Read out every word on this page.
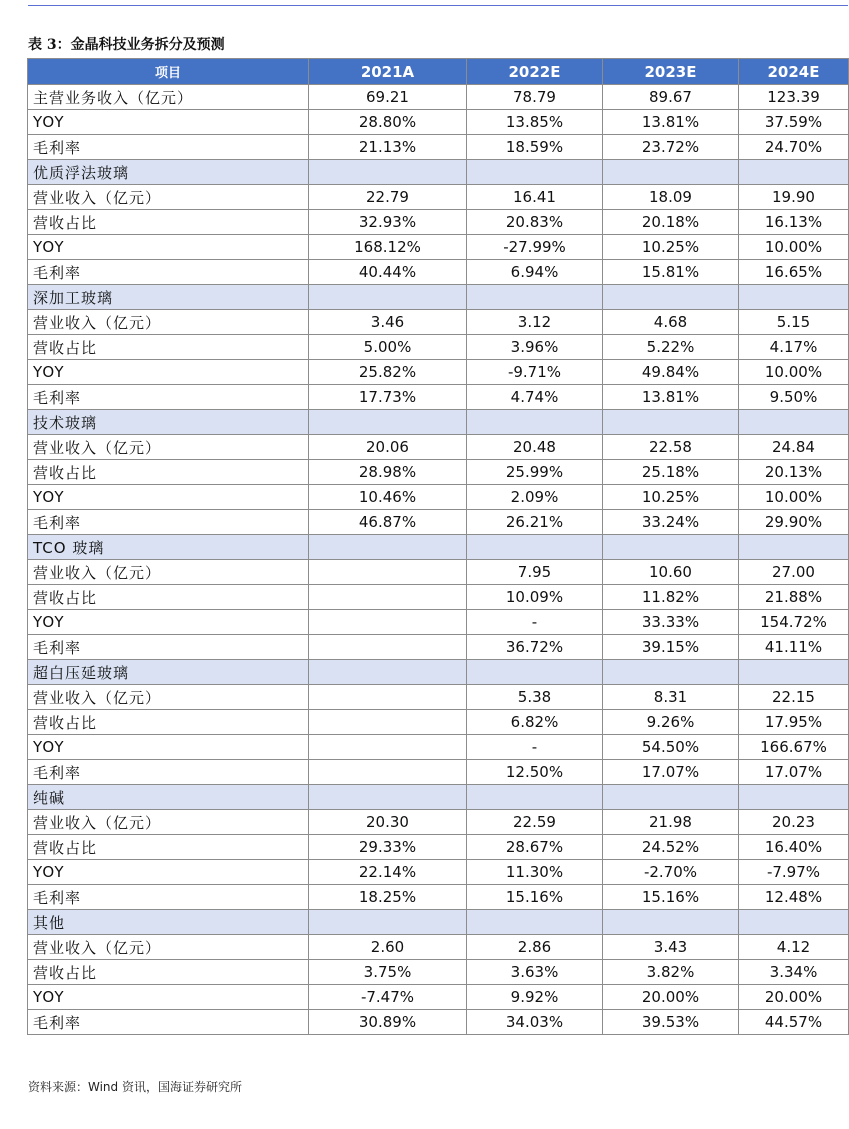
表 3：金晶科技业务拆分及预测
项目	2021A	2022E	2023E	2024E
主营业务收入（亿元）	69.21	78.79	89.67	123.39
YOY	28.80%	13.85%	13.81%	37.59%
毛利率	21.13%	18.59%	23.72%	24.70%
优质浮法玻璃				
营业收入（亿元）	22.79	16.41	18.09	19.90
营收占比	32.93%	20.83%	20.18%	16.13%
YOY	168.12%	-27.99%	10.25%	10.00%
毛利率	40.44%	6.94%	15.81%	16.65%
深加工玻璃				
营业收入（亿元）	3.46	3.12	4.68	5.15
营收占比	5.00%	3.96%	5.22%	4.17%
YOY	25.82%	-9.71%	49.84%	10.00%
毛利率	17.73%	4.74%	13.81%	9.50%
技术玻璃				
营业收入（亿元）	20.06	20.48	22.58	24.84
营收占比	28.98%	25.99%	25.18%	20.13%
YOY	10.46%	2.09%	10.25%	10.00%
毛利率	46.87%	26.21%	33.24%	29.90%
TCO 玻璃				
营业收入（亿元）		7.95	10.60	27.00
营收占比		10.09%	11.82%	21.88%
YOY		-	33.33%	154.72%
毛利率		36.72%	39.15%	41.11%
超白压延玻璃				
营业收入（亿元）		5.38	8.31	22.15
营收占比		6.82%	9.26%	17.95%
YOY		-	54.50%	166.67%
毛利率		12.50%	17.07%	17.07%
纯碱				
营业收入（亿元）	20.30	22.59	21.98	20.23
营收占比	29.33%	28.67%	24.52%	16.40%
YOY	22.14%	11.30%	-2.70%	-7.97%
毛利率	18.25%	15.16%	15.16%	12.48%
其他				
营业收入（亿元）	2.60	2.86	3.43	4.12
营收占比	3.75%	3.63%	3.82%	3.34%
YOY	-7.47%	9.92%	20.00%	20.00%
毛利率	30.89%	34.03%	39.53%	44.57%
资料来源：Wind 资讯，国海证券研究所
